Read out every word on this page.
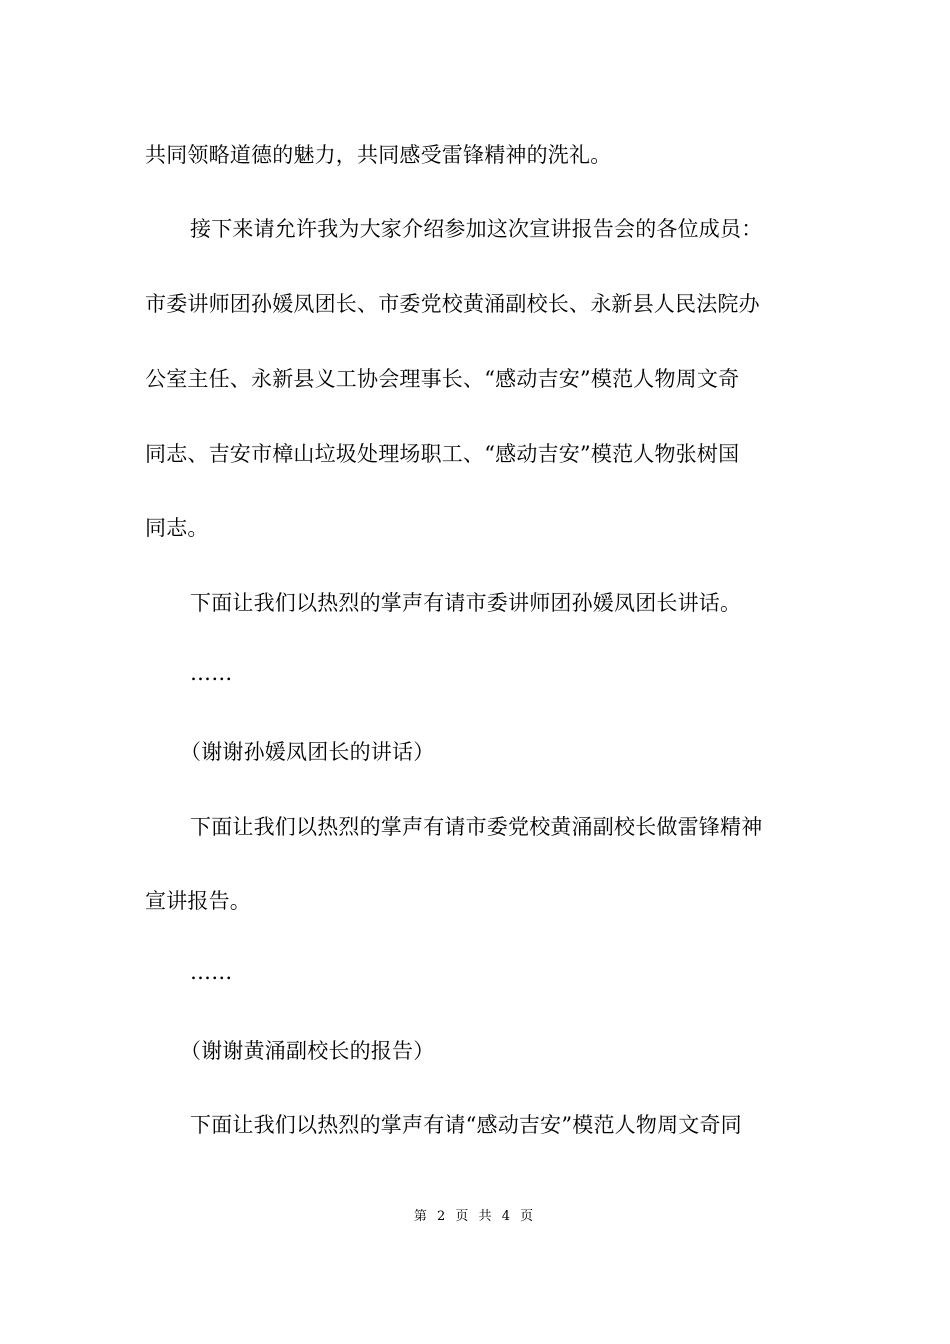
共同领略道德的魅力，共同感受雷锋精神的洗礼。
接下来请允许我为大家介绍参加这次宣讲报告会的各位成员：
市委讲师团孙媛凤团长、市委党校黄涌副校长、永新县人民法院办
公室主任、永新县义工协会理事长、“感动吉安”模范人物周文奇
同志、吉安市樟山垃圾处理场职工、“感动吉安”模范人物张树国
同志。
下面让我们以热烈的掌声有请市委讲师团孙媛凤团长讲话。
……
（谢谢孙媛凤团长的讲话）
下面让我们以热烈的掌声有请市委党校黄涌副校长做雷锋精神
宣讲报告。
……
（谢谢黄涌副校长的报告）
下面让我们以热烈的掌声有请“感动吉安”模范人物周文奇同
第 2 页 共 4 页
